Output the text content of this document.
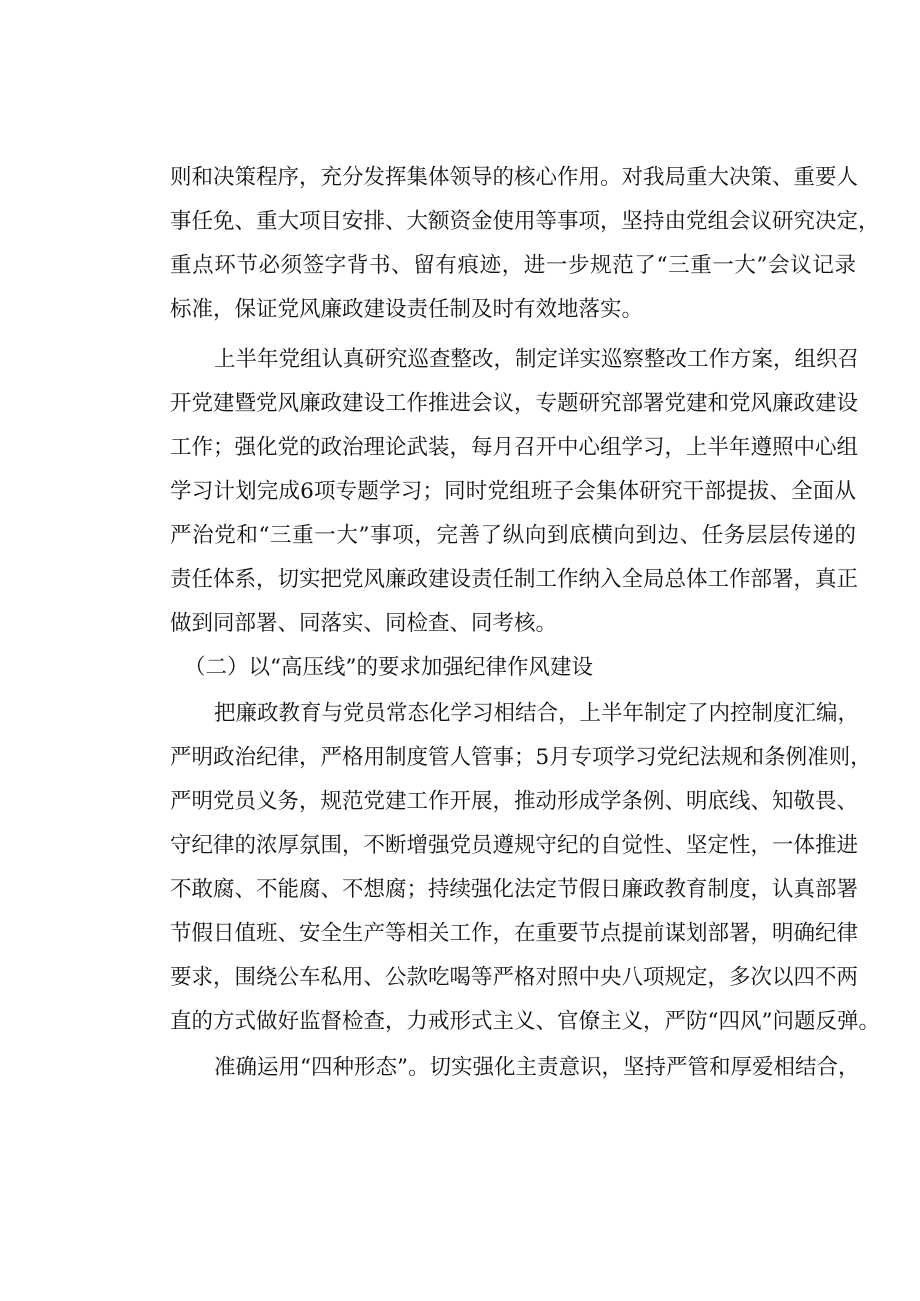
则和决策程序，充分发挥集体领导的核心作用。对我局重大决策、重要人
事任免、重大项目安排、大额资金使用等事项，坚持由党组会议研究决定，
重点环节必须签字背书、留有痕迹，进一步规范了“三重一大”会议记录
标准，保证党风廉政建设责任制及时有效地落实。
上半年党组认真研究巡查整改，制定详实巡察整改工作方案，组织召
开党建暨党风廉政建设工作推进会议，专题研究部署党建和党风廉政建设
工作；强化党的政治理论武装，每月召开中心组学习，上半年遵照中心组
学习计划完成6项专题学习；同时党组班子会集体研究干部提拔、全面从
严治党和“三重一大”事项，完善了纵向到底横向到边、任务层层传递的
责任体系，切实把党风廉政建设责任制工作纳入全局总体工作部署，真正
做到同部署、同落实、同检查、同考核。
（二）以“高压线”的要求加强纪律作风建设
把廉政教育与党员常态化学习相结合，上半年制定了内控制度汇编，
严明政治纪律，严格用制度管人管事；5月专项学习党纪法规和条例准则，
严明党员义务，规范党建工作开展，推动形成学条例、明底线、知敬畏、
守纪律的浓厚氛围，不断增强党员遵规守纪的自觉性、坚定性，一体推进
不敢腐、不能腐、不想腐；持续强化法定节假日廉政教育制度，认真部署
节假日值班、安全生产等相关工作，在重要节点提前谋划部署，明确纪律
要求，围绕公车私用、公款吃喝等严格对照中央八项规定，多次以四不两
直的方式做好监督检查，力戒形式主义、官僚主义，严防“四风”问题反弹。
准确运用“四种形态”。切实强化主责意识，坚持严管和厚爱相结合，
